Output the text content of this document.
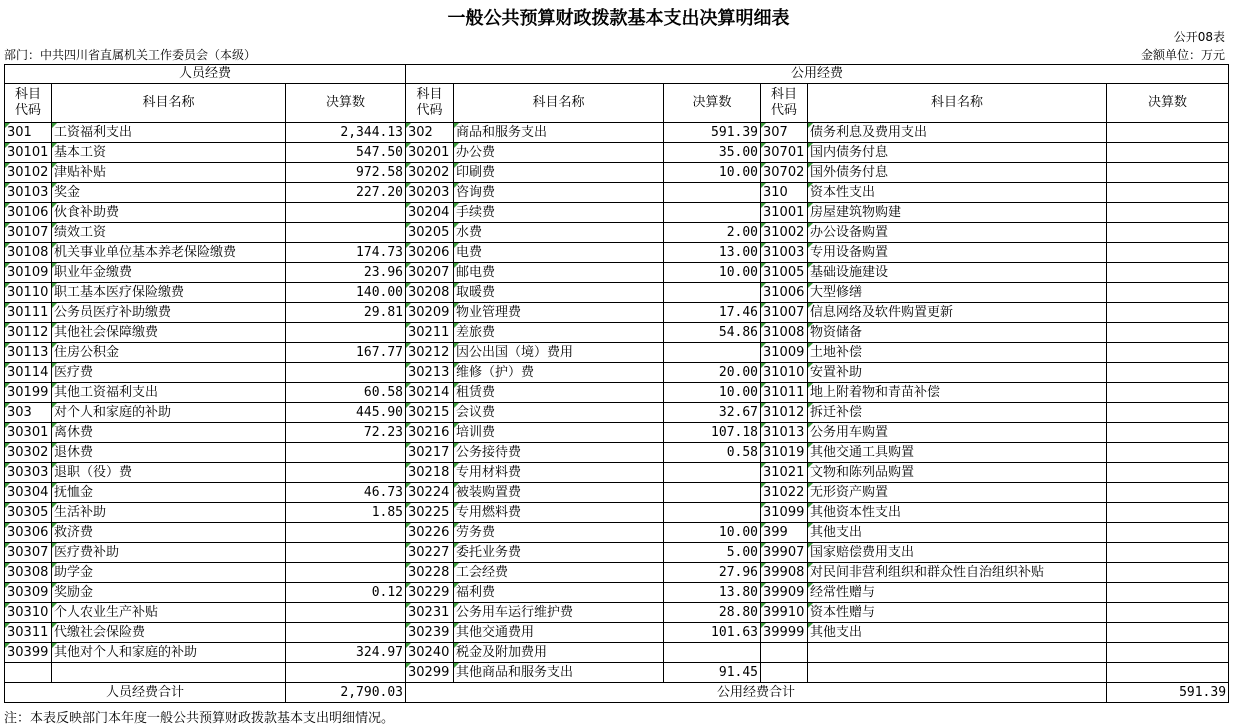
一般公共预算财政拨款基本支出决算明细表
公开08表
部门：中共四川省直属机关工作委员会（本级）	金额单位：万元
人员经费			公用经费					
科目代码	科目名称	决算数	科目代码	科目名称	决算数	科目代码	科目名称	决算数
301	工资福利支出	2,344.13	302	商品和服务支出	591.39	307	债务利息及费用支出	
30101	基本工资	547.50	30201	办公费	35.00	30701	国内债务付息	
30102	津贴补贴	972.58	30202	印刷费	10.00	30702	国外债务付息	
30103	奖金	227.20	30203	咨询费		310	资本性支出	
30106	伙食补助费		30204	手续费		31001	房屋建筑物购建	
30107	绩效工资		30205	水费	2.00	31002	办公设备购置	
30108	机关事业单位基本养老保险缴费	174.73	30206	电费	13.00	31003	专用设备购置	
30109	职业年金缴费	23.96	30207	邮电费	10.00	31005	基础设施建设	
30110	职工基本医疗保险缴费	140.00	30208	取暖费		31006	大型修缮	
30111	公务员医疗补助缴费	29.81	30209	物业管理费	17.46	31007	信息网络及软件购置更新	
30112	其他社会保障缴费		30211	差旅费	54.86	31008	物资储备	
30113	住房公积金	167.77	30212	因公出国（境）费用		31009	土地补偿	
30114	医疗费		30213	维修（护）费	20.00	31010	安置补助	
30199	其他工资福利支出	60.58	30214	租赁费	10.00	31011	地上附着物和青苗补偿	
303	对个人和家庭的补助	445.90	30215	会议费	32.67	31012	拆迁补偿	
30301	离休费	72.23	30216	培训费	107.18	31013	公务用车购置	
30302	退休费		30217	公务接待费	0.58	31019	其他交通工具购置	
30303	退职（役）费		30218	专用材料费		31021	文物和陈列品购置	
30304	抚恤金	46.73	30224	被装购置费		31022	无形资产购置	
30305	生活补助	1.85	30225	专用燃料费		31099	其他资本性支出	
30306	救济费		30226	劳务费	10.00	399	其他支出	
30307	医疗费补助		30227	委托业务费	5.00	39907	国家赔偿费用支出	
30308	助学金		30228	工会经费	27.96	39908	对民间非营利组织和群众性自治组织补贴	
30309	奖励金	0.12	30229	福利费	13.80	39909	经常性赠与	
30310	个人农业生产补贴		30231	公务用车运行维护费	28.80	39910	资本性赠与	
30311	代缴社会保险费		30239	其他交通费用	101.63	39999	其他支出	
30399	其他对个人和家庭的补助	324.97	30240	税金及附加费用				
			30299	其他商品和服务支出	91.45			
人员经费合计		2,790.03	公用经费合计					591.39
注：本表反映部门本年度一般公共预算财政拨款基本支出明细情况。
